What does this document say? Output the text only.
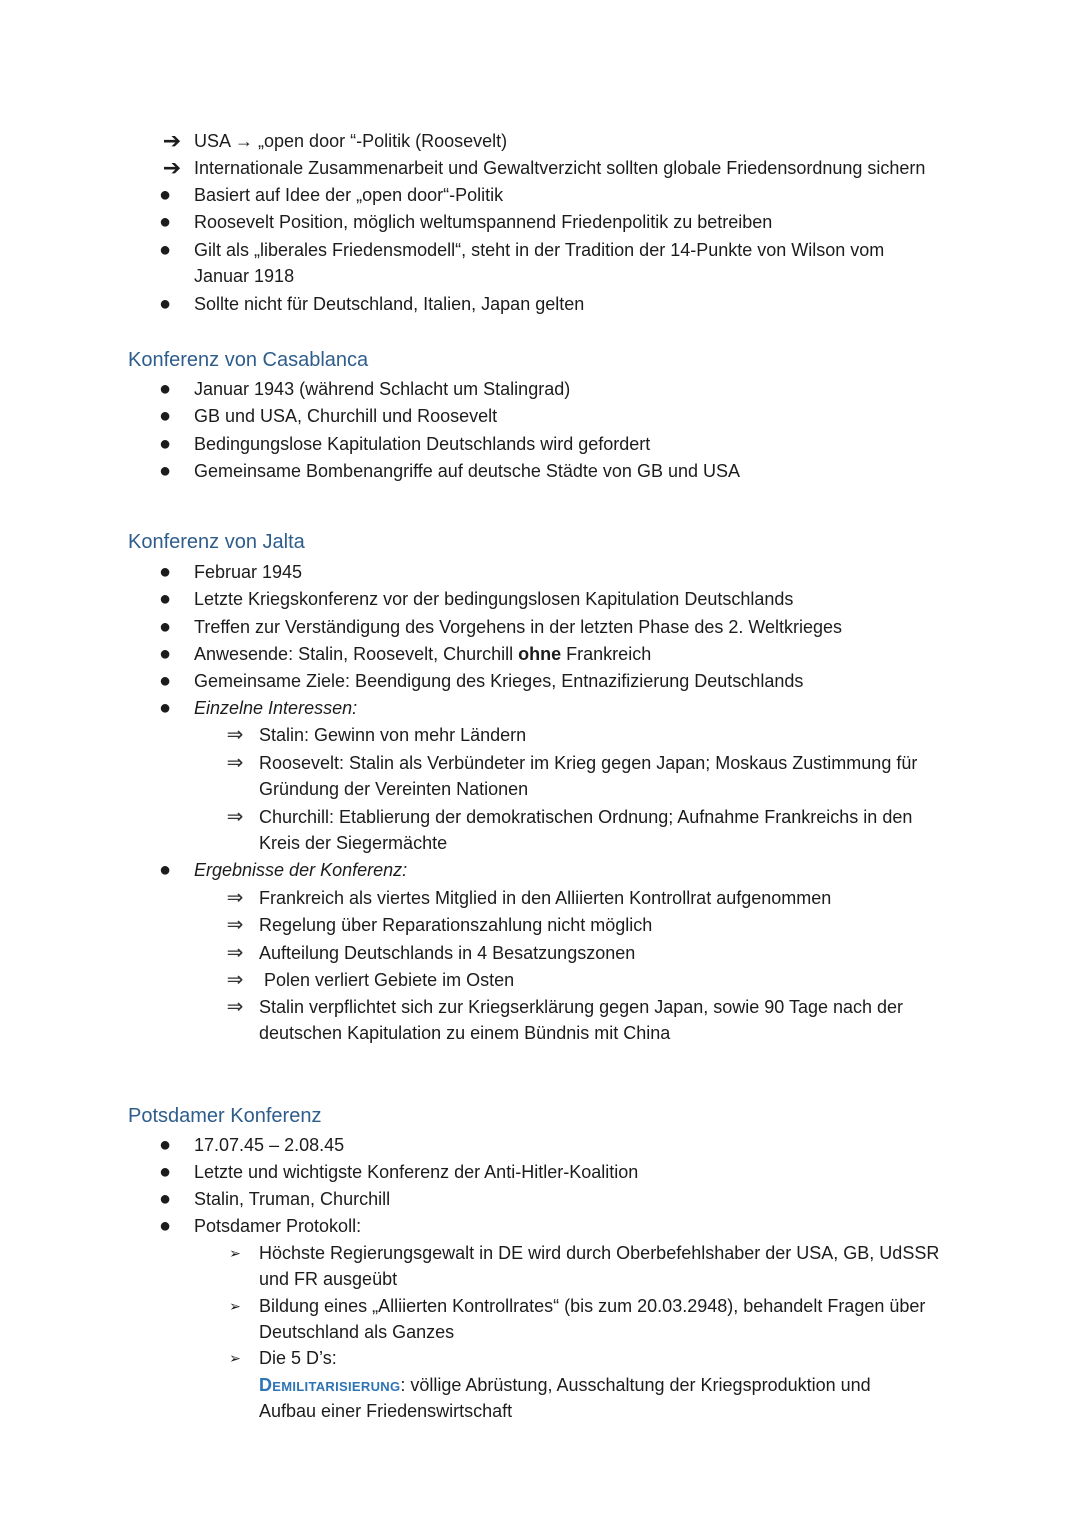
➔ USA → „open door “-Politik (Roosevelt)
➔ Internationale Zusammenarbeit und Gewaltverzicht sollten globale Friedensordnung sichern
●	Basiert auf Idee der „open door“-Politik
●	Roosevelt Position, möglich weltumspannend Friedenpolitik zu betreiben
●	Gilt als „liberales Friedensmodell“, steht in der Tradition der 14-Punkte von Wilson vom
Januar 1918
●	Sollte nicht für Deutschland, Italien, Japan gelten
Konferenz von Casablanca
●	Januar 1943 (während Schlacht um Stalingrad)
●	GB und USA, Churchill und Roosevelt
●	Bedingungslose Kapitulation Deutschlands wird gefordert
●	Gemeinsame Bombenangriffe auf deutsche Städte von GB und USA
Konferenz von Jalta
●	Februar 1945
●	Letzte Kriegskonferenz vor der bedingungslosen Kapitulation Deutschlands
●	Treffen zur Verständigung des Vorgehens in der letzten Phase des 2. Weltkrieges
●	Anwesende: Stalin, Roosevelt, Churchill ohne Frankreich
●	Gemeinsame Ziele: Beendigung des Krieges, Entnazifizierung Deutschlands
●	Einzelne Interessen:
⇒ Stalin: Gewinn von mehr Ländern
⇒ Roosevelt: Stalin als Verbündeter im Krieg gegen Japan; Moskaus Zustimmung für
Gründung der Vereinten Nationen
⇒ Churchill: Etablierung der demokratischen Ordnung; Aufnahme Frankreichs in den
Kreis der Siegermächte
●	Ergebnisse der Konferenz:
⇒ Frankreich als viertes Mitglied in den Alliierten Kontrollrat aufgenommen
⇒ Regelung über Reparationszahlung nicht möglich
⇒ Aufteilung Deutschlands in 4 Besatzungszonen
⇒ Polen verliert Gebiete im Osten
⇒ Stalin verpflichtet sich zur Kriegserklärung gegen Japan, sowie 90 Tage nach der
deutschen Kapitulation zu einem Bündnis mit China
Potsdamer Konferenz
●	17.07.45 – 2.08.45
●	Letzte und wichtigste Konferenz der Anti-Hitler-Koalition
●	Stalin, Truman, Churchill
●	Potsdamer Protokoll:
➢	Höchste Regierungsgewalt in DE wird durch Oberbefehlshaber der USA, GB, UdSSR
und FR ausgeübt
➢	Bildung eines „Alliierten Kontrollrates“ (bis zum 20.03.2948), behandelt Fragen über
Deutschland als Ganzes
➢	Die 5 D’s:
Demilitarisierung: völlige Abrüstung, Ausschaltung der Kriegsproduktion und
Aufbau einer Friedenswirtschaft
